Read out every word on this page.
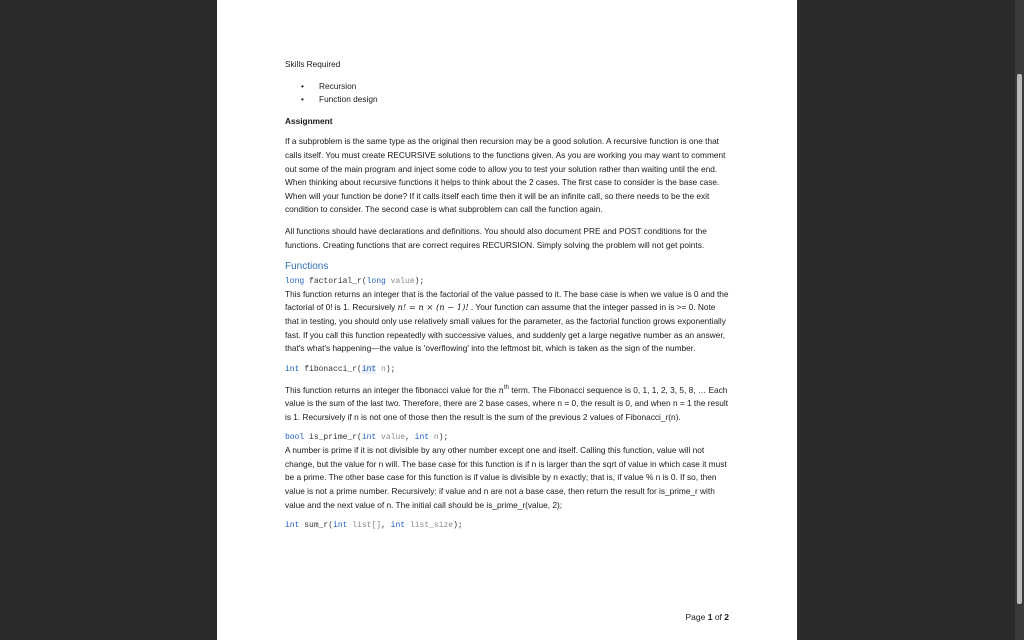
Skills Required

• Recursion
• Function design

Assignment

If a subproblem is the same type as the original then recursion may be a good solution. A recursive function is one that calls itself. You must create RECURSIVE solutions to the functions given. As you are working you may want to comment out some of the main program and inject some code to allow you to test your solution rather than waiting until the end. When thinking about recursive functions it helps to think about the 2 cases. The first case to consider is the base case. When will your function be done? If it calls itself each time then it will be an infinite call, so there needs to be the exit condition to consider. The second case is what subproblem can call the function again.

All functions should have declarations and definitions. You should also document PRE and POST conditions for the functions. Creating functions that are correct requires RECURSION. Simply solving the problem will not get points.

Functions

long factorial_r(long value);

This function returns an integer that is the factorial of the value passed to it. The base case is when we value is 0 and the factorial of 0! is 1. Recursively n! = n × (n − 1)! . Your function can assume that the integer passed in is >= 0. Note that in testing, you should only use relatively small values for the parameter, as the factorial function grows exponentially fast. If you call this function repeatedly with successive values, and suddenly get a large negative number as an answer, that's what's happening—the value is 'overflowing' into the leftmost bit, which is taken as the sign of the number.

int fibonacci_r(int n);

This function returns an integer the fibonacci value for the $n^{th}$ term. The Fibonacci sequence is 0, 1, 1, 2, 3, 5, 8, … Each value is the sum of the last two. Therefore, there are 2 base cases, where n = 0, the result is 0, and when n = 1 the result is 1. Recursively if n is not one of those then the result is the sum of the previous 2 values of Fibonacci_r(n).

bool is_prime_r(int value, int n);

A number is prime if it is not divisible by any other number except one and itself. Calling this function, value will not change, but the value for n will. The base case for this function is if n is larger than the sqrt of value in which case it must be a prime. The other base case for this function is if value is divisible by n exactly; that is, if value % n is 0. If so, then value is not a prime number. Recursively: if value and n are not a base case, then return the result for is_prime_r with value and the next value of n. The initial call should be is_prime_r(value, 2);

int sum_r(int list[], int list_size);

Page 1 of 2
